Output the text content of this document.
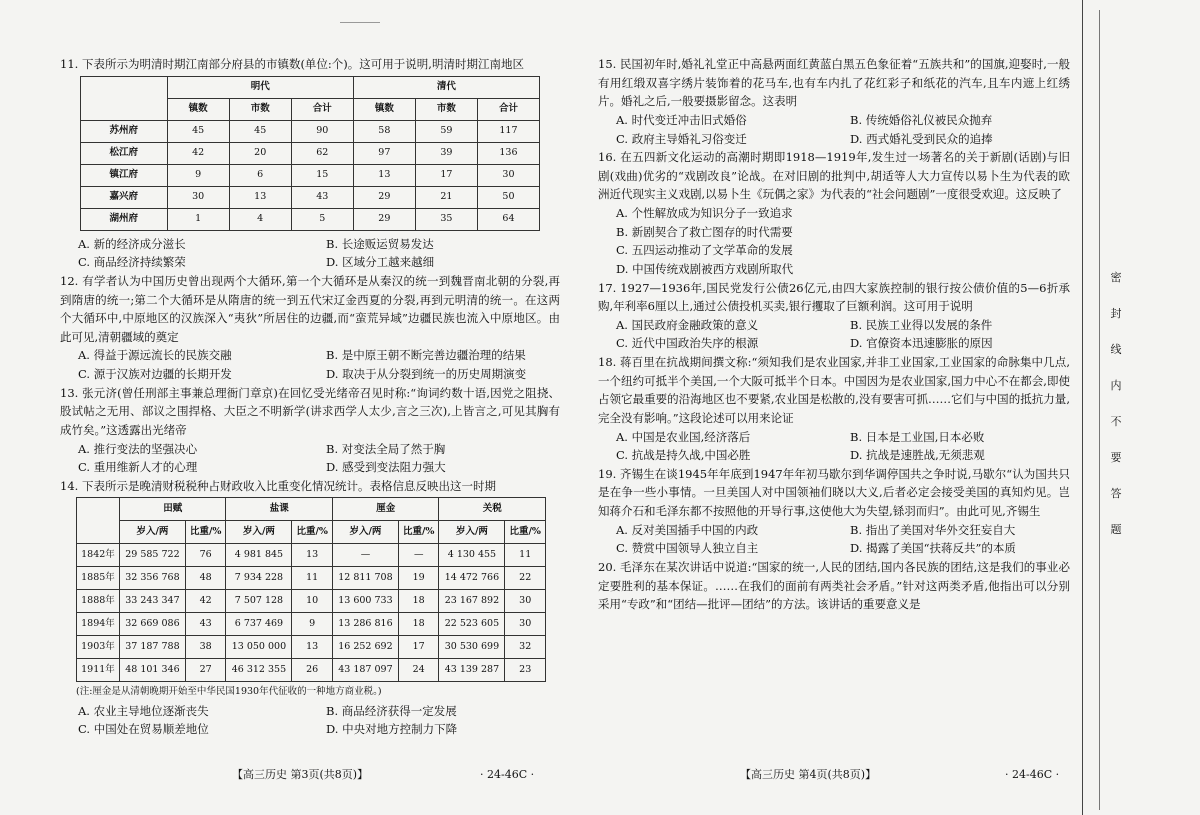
11. 下表所示为明清时期江南部分府县的市镇数(单位:个)。这可用于说明,明清时期江南地区

	明代			清代		
	镇数	市数	合计	镇数	市数	合计
苏州府	45	45	90	58	59	117
松江府	42	20	62	97	39	136
镇江府	9	6	15	13	17	30
嘉兴府	30	13	43	29	21	50
湖州府	1	4	5	29	35	64
A. 新的经济成分滋长	B. 长途贩运贸易发达
C. 商品经济持续繁荣	D. 区域分工越来越细

12. 有学者认为中国历史曾出现两个大循环,第一个大循环是从秦汉的统一到魏晋南北朝的分裂,再到隋唐的统一;第二个大循环是从隋唐的统一到五代宋辽金西夏的分裂,再到元明清的统一。在这两个大循环中,中原地区的汉族深入“夷狄”所居住的边疆,而“蛮荒异域”边疆民族也流入中原地区。由此可见,清朝疆域的奠定

A. 得益于源远流长的民族交融	B. 是中原王朝不断完善边疆治理的结果
C. 源于汉族对边疆的长期开发	D. 取决于从分裂到统一的历史周期演变

13. 张元济(曾任刑部主事兼总理衙门章京)在回忆受光绪帝召见时称:“询词约数十语,因党之阻挠、股试帖之无用、部议之围捍格、大臣之不明新学(讲求西学人太少,言之三次),上皆言之,可见其胸有成竹矣。”这透露出光绪帝

A. 推行变法的坚强决心	B. 对变法全局了然于胸
C. 重用维新人才的心理	D. 感受到变法阻力强大

14. 下表所示是晚清财税税种占财政收入比重变化情况统计。表格信息反映出这一时期

	田赋		盐课		厘金		关税	
	岁入/两	比重/%	岁入/两	比重/%	岁入/两	比重/%	岁入/两	比重/%
1842年	29 585 722	76	4 981 845	13	—	—	4 130 455	11
1885年	32 356 768	48	7 934 228	11	12 811 708	19	14 472 766	22
1888年	33 243 347	42	7 507 128	10	13 600 733	18	23 167 892	30
1894年	32 669 086	43	6 737 469	9	13 286 816	18	22 523 605	30
1903年	37 187 788	38	13 050 000	13	16 252 692	17	30 530 699	32
1911年	48 101 346	27	46 312 355	26	43 187 097	24	43 139 287	23
(注:厘金是从清朝晚期开始至中华民国1930年代征收的一种地方商业税。)
A. 农业主导地位逐渐丧失	B. 商品经济获得一定发展
C. 中国处在贸易顺差地位	D. 中央对地方控制力下降
【高三历史 第3页(共8页)】	· 24-46C ·

15. 民国初年时,婚礼礼堂正中高悬两面红黄蓝白黑五色象征着“五族共和”的国旗,迎娶时,一般有用红缎双喜字绣片装饰着的花马车,也有车内扎了花红彩子和纸花的汽车,且车内遮上红绣片。婚礼之后,一般要摄影留念。这表明

A. 时代变迁冲击旧式婚俗	B. 传统婚俗礼仪被民众抛弃
C. 政府主导婚礼习俗变迁	D. 西式婚礼受到民众的追捧

16. 在五四新文化运动的高潮时期即1918—1919年,发生过一场著名的关于新剧(话剧)与旧剧(戏曲)优劣的“戏剧改良”论战。在对旧剧的批判中,胡适等人大力宣传以易卜生为代表的欧洲近代现实主义戏剧,以易卜生《玩偶之家》为代表的“社会问题剧”一度很受欢迎。这反映了

A. 个性解放成为知识分子一致追求
B. 新剧契合了救亡图存的时代需要
C. 五四运动推动了文学革命的发展
D. 中国传统戏剧被西方戏剧所取代

17. 1927—1936年,国民党发行公债26亿元,由四大家族控制的银行按公债价值的5—6折承购,年利率6厘以上,通过公债投机买卖,银行攫取了巨额利润。这可用于说明

A. 国民政府金融政策的意义	B. 民族工业得以发展的条件
C. 近代中国政治失序的根源	D. 官僚资本迅速膨胀的原因

18. 蒋百里在抗战期间撰文称:“须知我们是农业国家,并非工业国家,工业国家的命脉集中几点,一个纽约可抵半个美国,一个大阪可抵半个日本。中国因为是农业国家,国力中心不在都会,即使占领它最重要的沿海地区也不要紧,农业国是松散的,没有要害可抓……它们与中国的抵抗力量,完全没有影响。”这段论述可以用来论证

A. 中国是农业国,经济落后	B. 日本是工业国,日本必败
C. 抗战是持久战,中国必胜	D. 抗战是速胜战,无须悲观

19. 齐锡生在谈1945年年底到1947年年初马歇尔到华调停国共之争时说,马歇尔“认为国共只是在争一些小事情。一旦美国人对中国领袖们晓以大义,后者必定会接受美国的真知灼见。岂知蒋介石和毛泽东都不按照他的开导行事,这使他大为失望,铩羽而归”。由此可见,齐锡生

A. 反对美国插手中国的内政	B. 指出了美国对华外交狂妄自大
C. 赞赏中国领导人独立自主	D. 揭露了美国“扶蒋反共”的本质

20. 毛泽东在某次讲话中说道:“国家的统一,人民的团结,国内各民族的团结,这是我们的事业必定要胜利的基本保证。……在我们的面前有两类社会矛盾。”针对这两类矛盾,他指出可以分别采用“专政”和“团结—批评—团结”的方法。该讲话的重要意义是

【高三历史 第4页(共8页)】	· 24-46C ·
密
封
线
内
不
要
答
题
